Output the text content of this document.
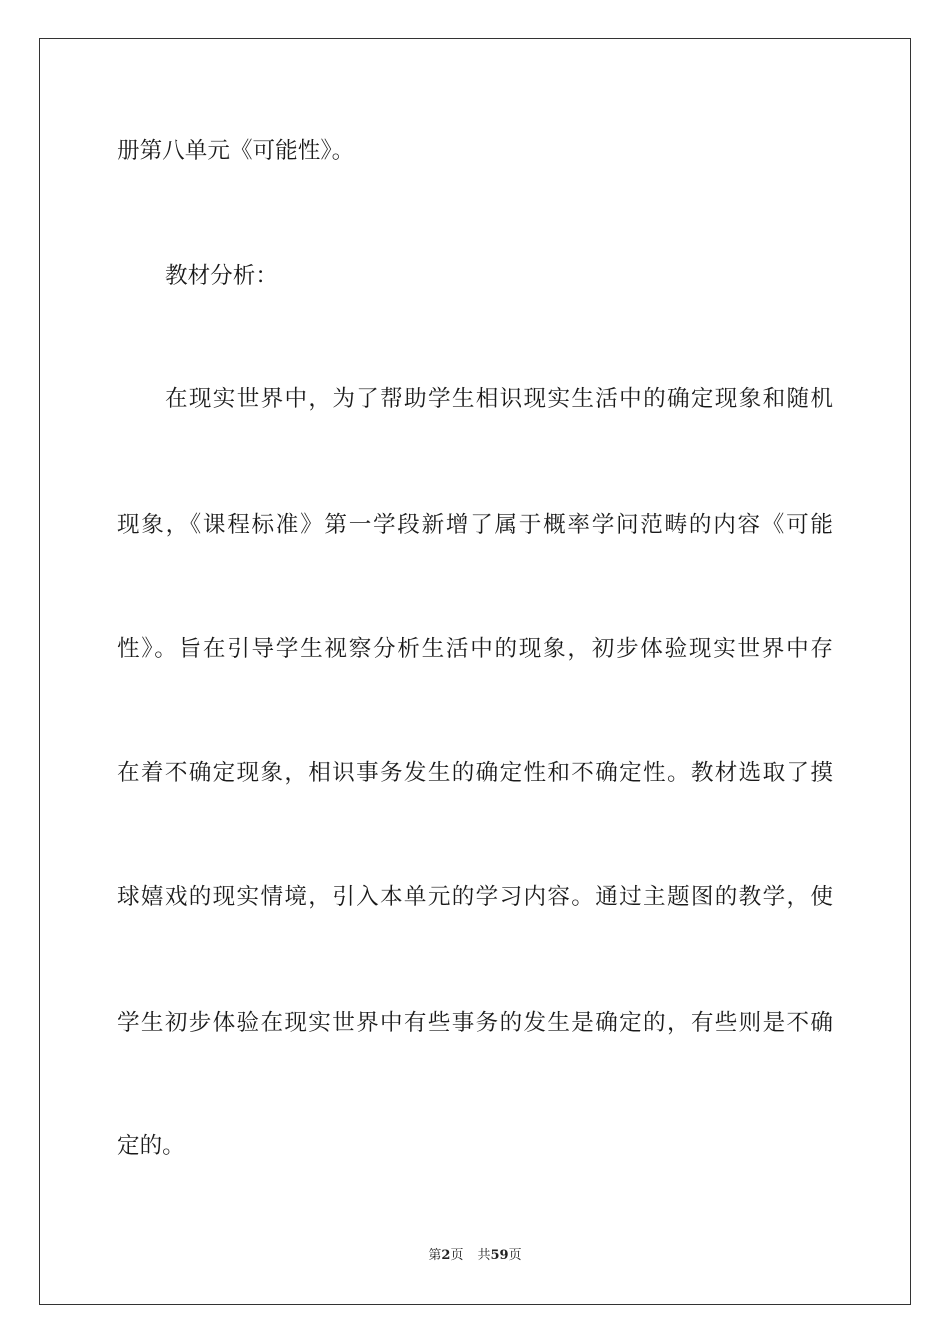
册第八单元《可能性》。
教材分析：
在现实世界中，为了帮助学生相识现实生活中的确定现象和随机
现象，《课程标准》第一学段新增了属于概率学问范畴的内容《可能
性》。旨在引导学生视察分析生活中的现象，初步体验现实世界中存
在着不确定现象，相识事务发生的确定性和不确定性。教材选取了摸
球嬉戏的现实情境，引入本单元的学习内容。通过主题图的教学，使
学生初步体验在现实世界中有些事务的发生是确定的，有些则是不确
定的。
第2页 共59页
